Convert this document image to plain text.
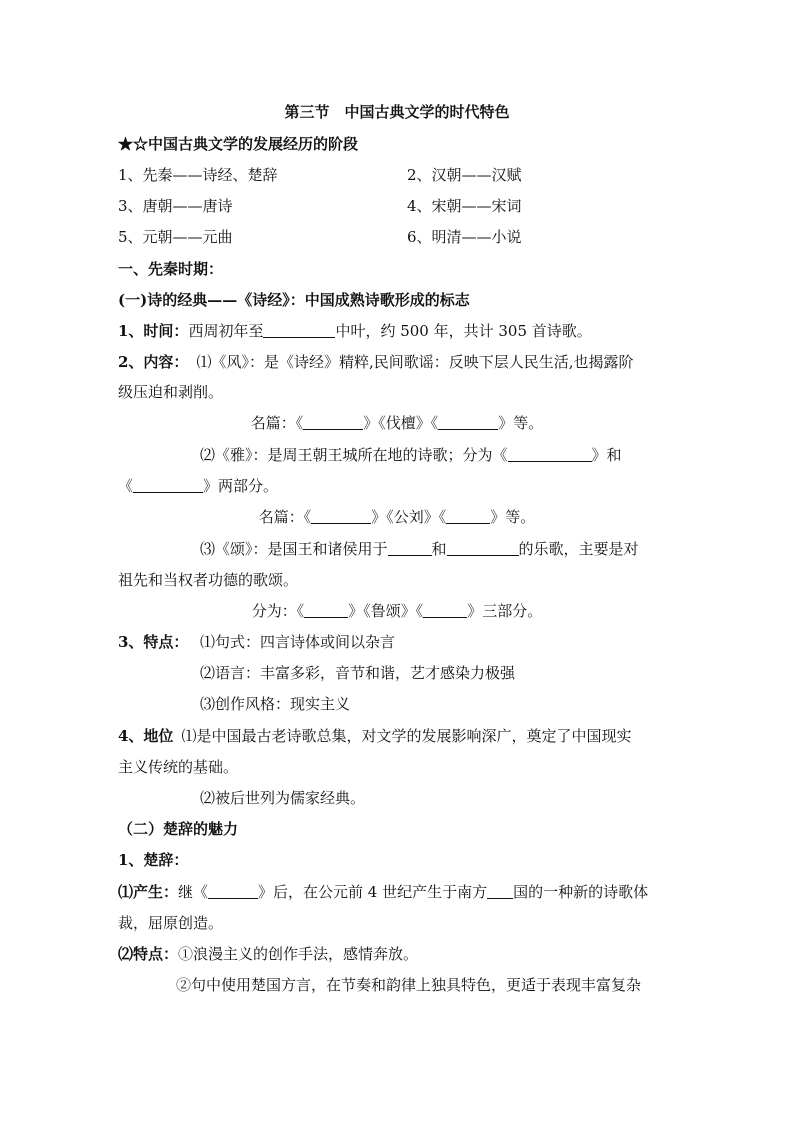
第三节　中国古典文学的时代特色
★☆中国古典文学的发展经历的阶段
1、先秦——诗经、楚辞	2、汉朝——汉赋
3、唐朝——唐诗	4、宋朝——宋词
5、元朝——元曲	6、明清——小说
一、先秦时期：
(一)诗的经典——《诗经》：中国成熟诗歌形成的标志
1、时间：西周初年至	中叶，约 500 年，共计 305 首诗歌。
2、内容： ⑴《风》：是《诗经》精粹,民间歌谣：反映下层人民生活,也揭露阶
级压迫和剥削。
名篇：《	》《伐檀》《	》等。
⑵《雅》：是周王朝王城所在地的诗歌；分为《	》和
《	》两部分。
名篇：《	》《公刘》《	》等。
⑶《颂》：是国王和诸侯用于	和	的乐歌，主要是对
祖先和当权者功德的歌颂。
分为：《	》《鲁颂》《	》三部分。
3、特点： ⑴句式：四言诗体或间以杂言
⑵语言：丰富多彩，音节和谐，艺才感染力极强
⑶创作风格：现实主义
4、地位 ⑴是中国最古老诗歌总集，对文学的发展影响深广，奠定了中国现实
主义传统的基础。
⑵被后世列为儒家经典。
（二）楚辞的魅力
1、楚辞：
⑴产生：继《	》后，在公元前 4 世纪产生于南方 国的一种新的诗歌体
裁，屈原创造。
⑵特点：①浪漫主义的创作手法，感情奔放。
②句中使用楚国方言，在节奏和韵律上独具特色，更适于表现丰富复杂
